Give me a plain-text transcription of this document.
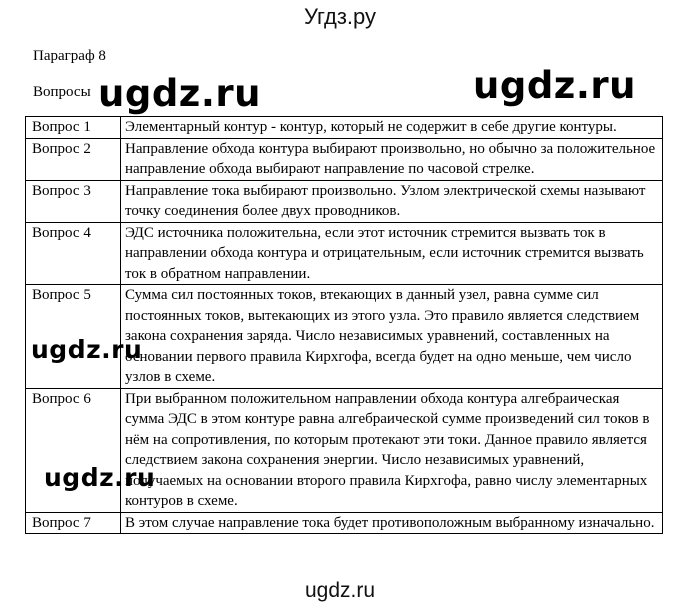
Угдз.ру
Параграф 8
Вопросы
Вопрос 1	Элементарный контур - контур, который не содержит в себе другие контуры.
Вопрос 2	Направление обхода контура выбирают произвольно, но обычно за положительное направление обхода выбирают направление по часовой стрелке.
Вопрос 3	Направление тока выбирают произвольно. Узлом электрической схемы называют точку соединения более двух проводников.
Вопрос 4	ЭДС источника положительна, если этот источник стремится вызвать ток в направлении обхода контура и отрицательным, если источник стремится вызвать ток в обратном направлении.
Вопрос 5	Сумма сил постоянных токов, втекающих в данный узел, равна сумме сил постоянных токов, вытекающих из этого узла. Это правило является следствием закона сохранения заряда. Число независимых уравнений, составленных на основании первого правила Кирхгофа, всегда будет на одно меньше, чем число узлов в схеме.
Вопрос 6	При выбранном положительном направлении обхода контура алгебраическая сумма ЭДС в этом контуре равна алгебраической сумме произведений сил токов в нём на сопротивления, по которым протекают эти токи. Данное правило является следствием закона сохранения энергии. Число независимых уравнений, получаемых на основании второго правила Кирхгофа, равно числу элементарных контуров в схеме.
Вопрос 7	В этом случае направление тока будет противоположным выбранному изначально.
ugdz.ru	ugdz.ru
ugdz.ru
ugdz.ru
ugdz.ru
